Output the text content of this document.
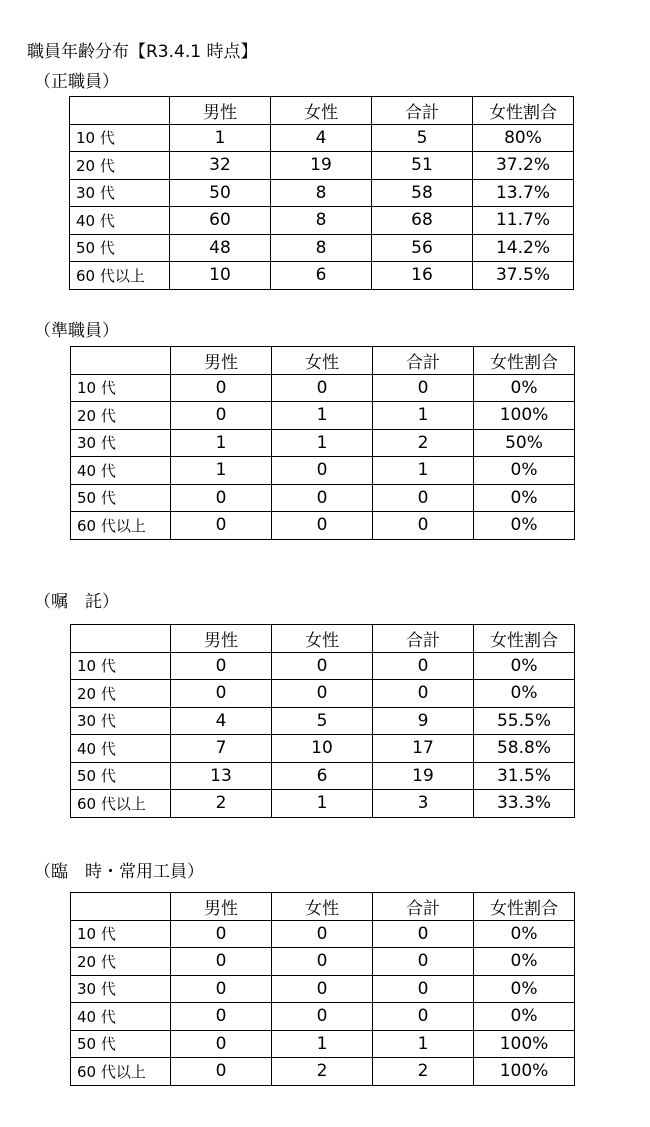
職員年齢分布【R3.4.1 時点】
（正職員）
	男性	女性	合計	女性割合
10 代	1	4	5	80%
20 代	32	19	51	37.2%
30 代	50	8	58	13.7%
40 代	60	8	68	11.7%
50 代	48	8	56	14.2%
60 代以上	10	6	16	37.5%
（準職員）
	男性	女性	合計	女性割合
10 代	0	0	0	0%
20 代	0	1	1	100%
30 代	1	1	2	50%
40 代	1	0	1	0%
50 代	0	0	0	0%
60 代以上	0	0	0	0%
（嘱　託）
	男性	女性	合計	女性割合
10 代	0	0	0	0%
20 代	0	0	0	0%
30 代	4	5	9	55.5%
40 代	7	10	17	58.8%
50 代	13	6	19	31.5%
60 代以上	2	1	3	33.3%
（臨　時・常用工員）
	男性	女性	合計	女性割合
10 代	0	0	0	0%
20 代	0	0	0	0%
30 代	0	0	0	0%
40 代	0	0	0	0%
50 代	0	1	1	100%
60 代以上	0	2	2	100%
